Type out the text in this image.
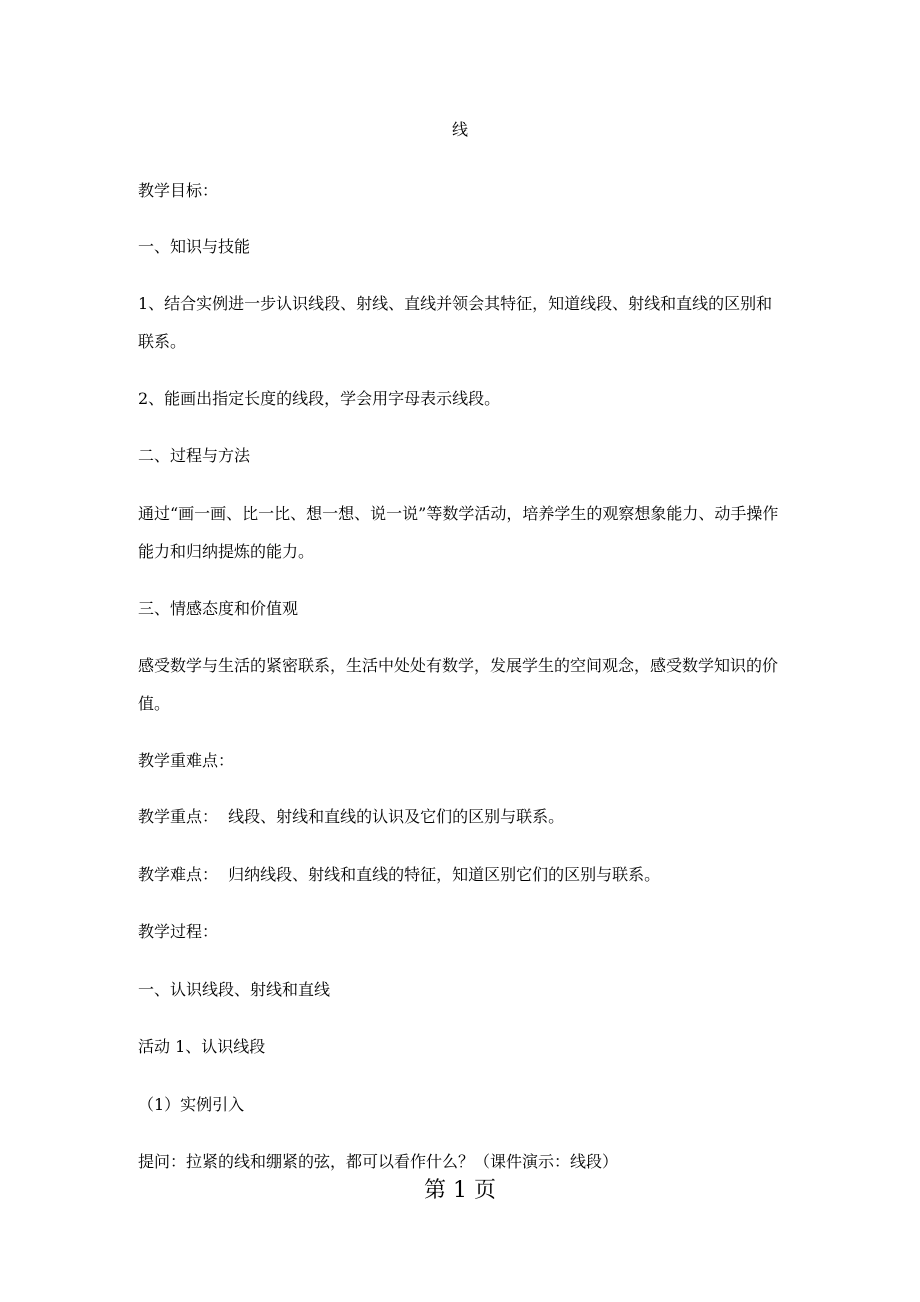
线

教学目标：

一、知识与技能

1、结合实例进一步认识线段、射线、直线并领会其特征，知道线段、射线和直线的区别和联系。

2、能画出指定长度的线段，学会用字母表示线段。

二、过程与方法

通过“画一画、比一比、想一想、说一说”等数学活动，培养学生的观察想象能力、动手操作能力和归纳提炼的能力。

三、情感态度和价值观

感受数学与生活的紧密联系，生活中处处有数学，发展学生的空间观念，感受数学知识的价值。

教学重难点：

教学重点：  线段、射线和直线的认识及它们的区别与联系。

教学难点：  归纳线段、射线和直线的特征，知道区别它们的区别与联系。

教学过程：

一、认识线段、射线和直线

活动 1、认识线段

（1）实例引入

提问：拉紧的线和绷紧的弦，都可以看作什么？（课件演示：线段）

第 1 页
